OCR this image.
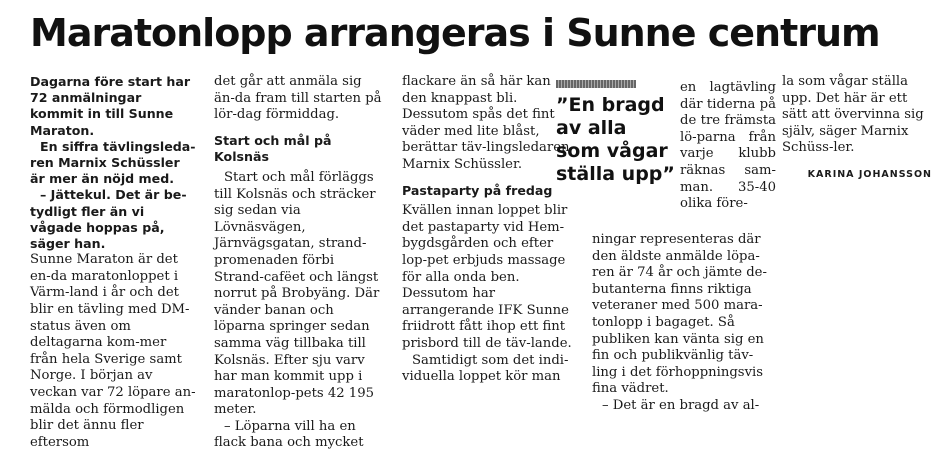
Maratonlopp arrangeras i Sunne centrum

Dagarna före start har 72 anmälningar kommit in till Sunne Maraton.

En siffra tävlingsleda-ren Marnix Schüssler är mer än nöjd med.

– Jättekul. Det är be-tydligt fler än vi vågade hoppas på, säger han.

Sunne Maraton är det en-da maratonloppet i Värm-land i år och det blir en tävling med DM-status även om deltagarna kom-mer från hela Sverige samt Norge. I början av veckan var 72 löpare an-mälda och förmodligen blir det ännu fler eftersom

det går att anmäla sig än-da fram till starten på lör-dag förmiddag.

Start och mål på Kolsnäs

Start och mål förläggs till Kolsnäs och sträcker sig sedan via Lövnäsvägen, Järnvägsgatan, strand-promenaden förbi Strand-cafëet och längst norrut på Brobyäng. Där vänder banan och löparna springer sedan samma väg tillbaka till Kolsnäs. Efter sju varv har man kommit upp i maratonlop-pets 42 195 meter.

– Löparna vill ha en flack bana och mycket

flackare än så här kan den knappast bli. Dessutom spås det fint väder med lite blåst, berättar täv-lingsledaren Marnix Schüssler.

Pastaparty på fredag

Kvällen innan loppet blir det pastaparty vid Hem-bygdsgården och efter lop-pet erbjuds massage för alla onda ben. Dessutom har arrangerande IFK Sunne friidrott fått ihop ett fint prisbord till de täv-lande.

Samtidigt som det indi-viduella loppet kör man

”En bragd av alla som vågar ställa upp”

en lagtävling där tiderna på de tre främsta lö-parna från varje klubb räknas sam-man. 35-40 olika före-

ningar representeras där den äldste anmälde löpa-ren är 74 år och jämte de-butanterna finns riktiga veteraner med 500 mara-tonlopp i bagaget. Så publiken kan vänta sig en fin och publikvänlig täv-ling i det förhoppningsvis fina vädret.

– Det är en bragd av al-

la som vågar ställa upp. Det här är ett sätt att övervinna sig själv, säger Marnix Schüss-ler.

KARINA JOHANSSON
